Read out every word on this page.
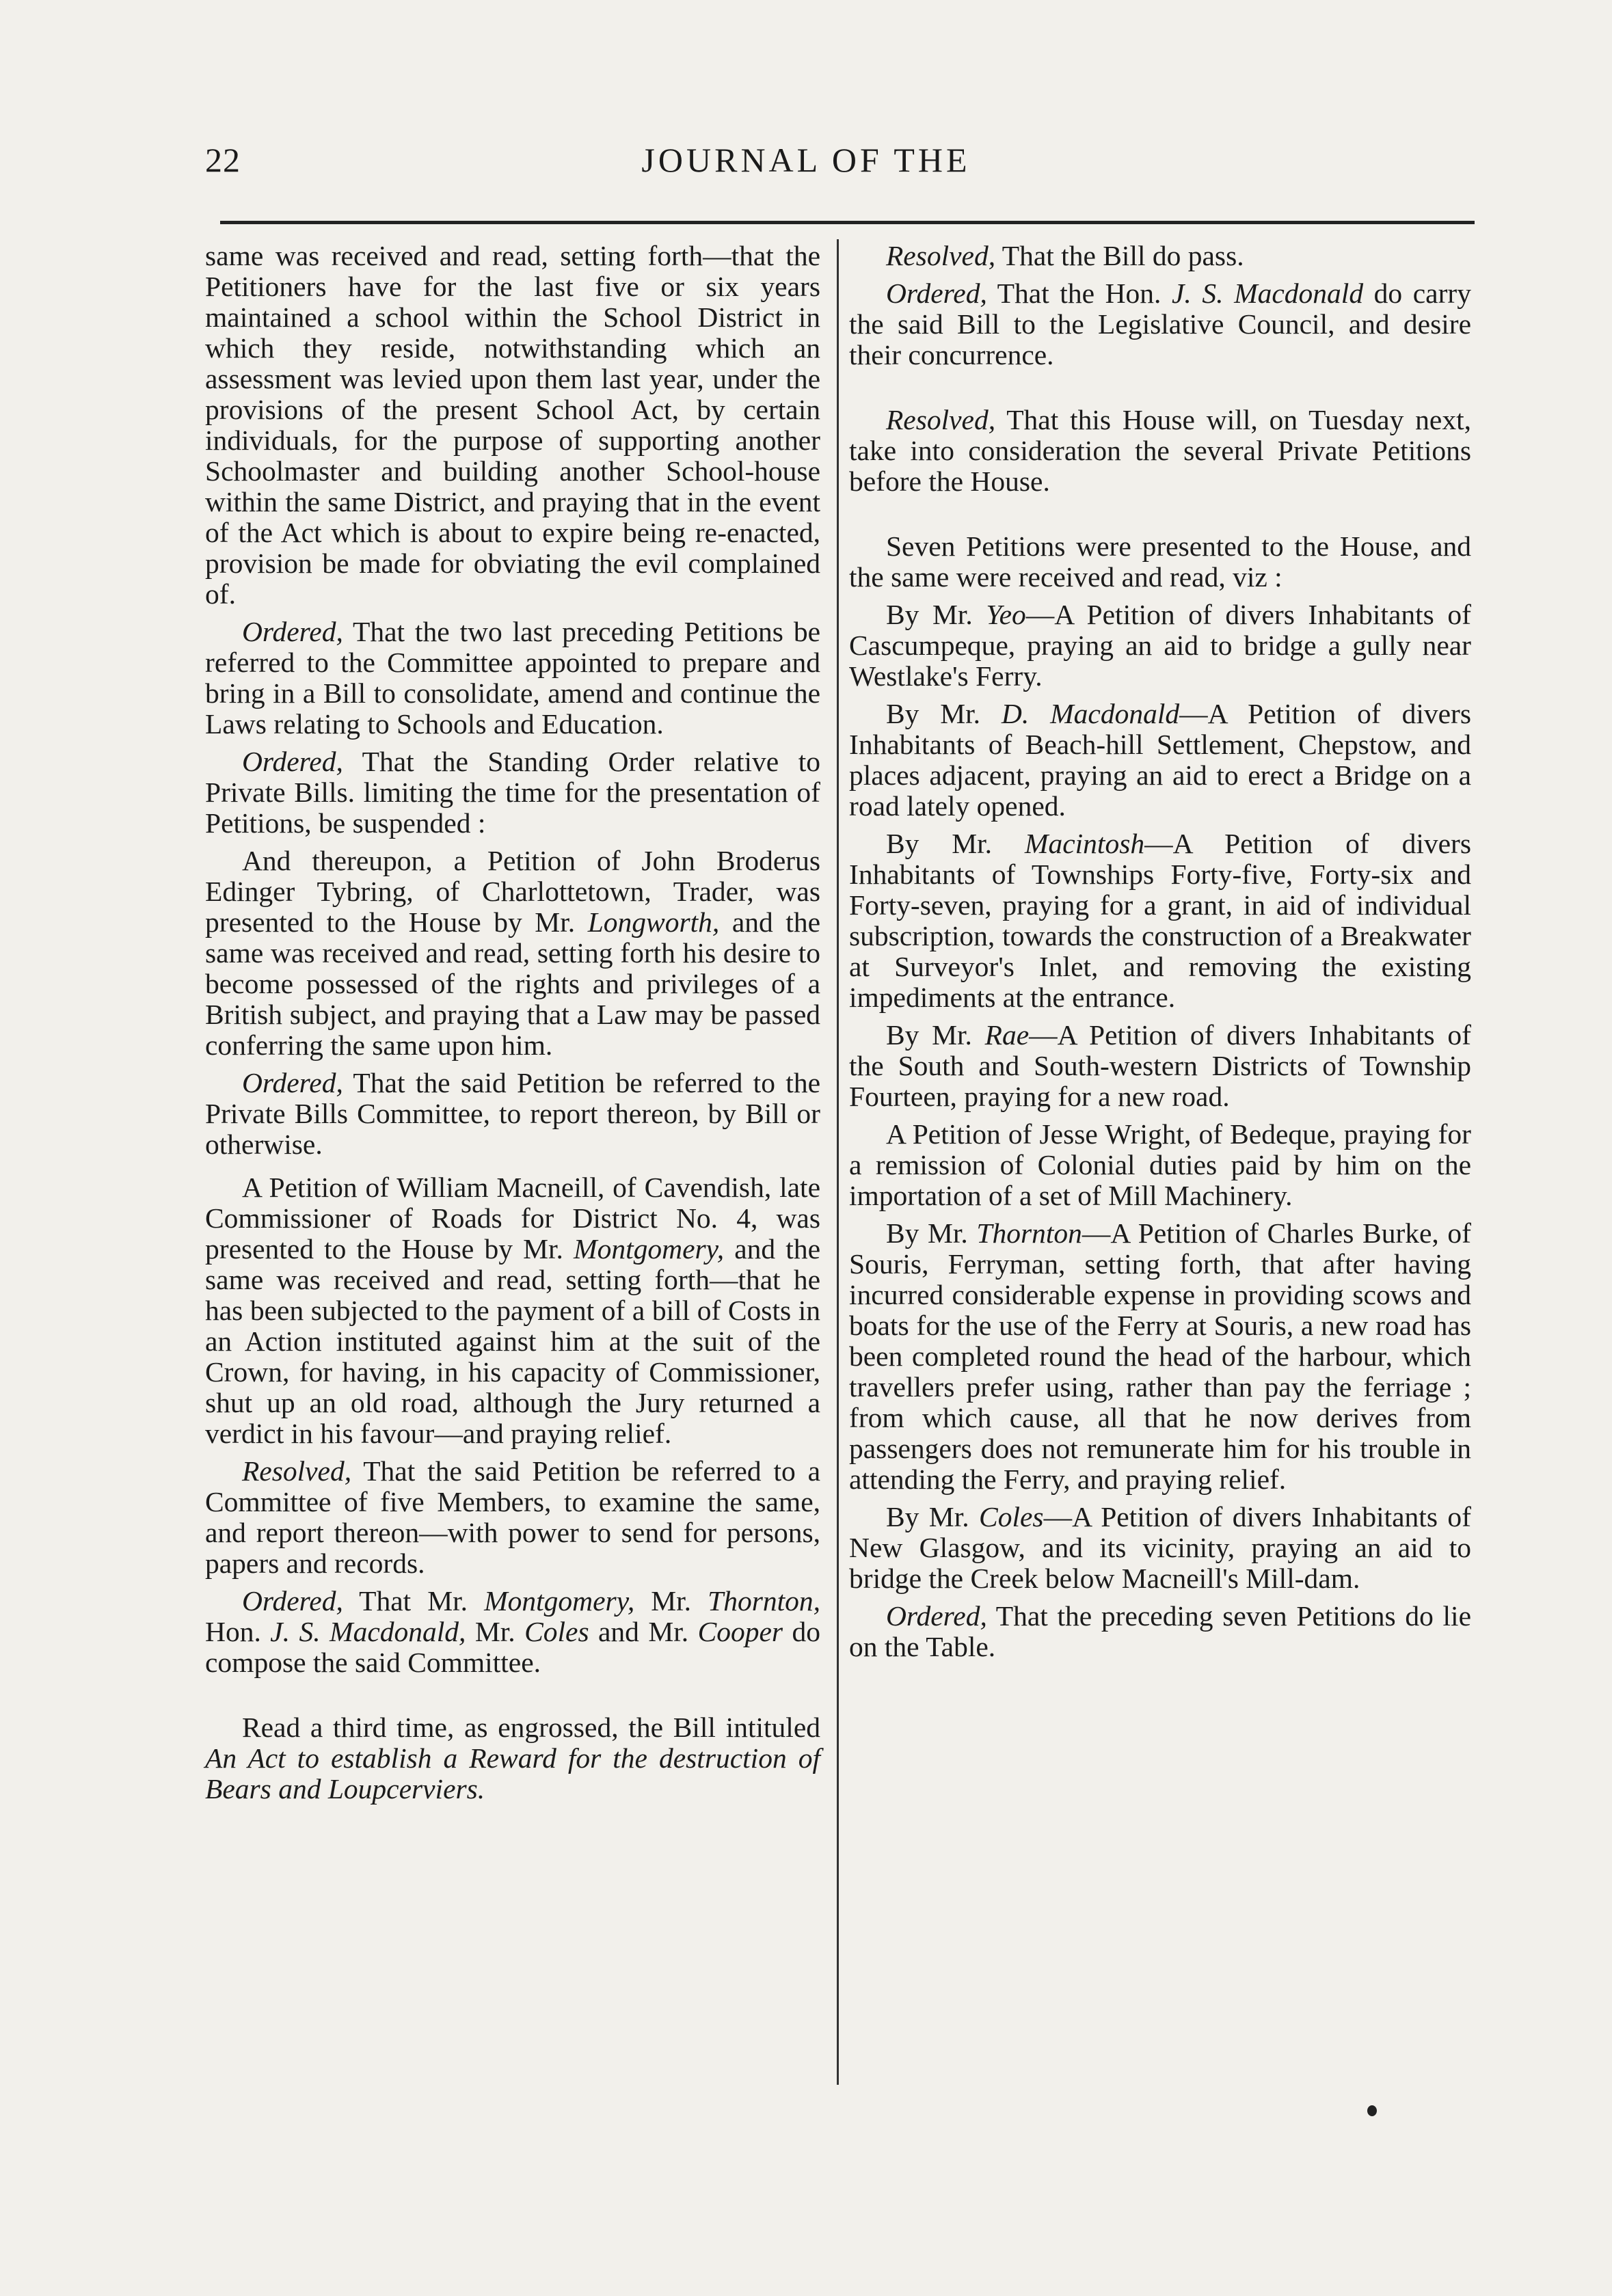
JOURNAL OF THE
22

same was received and read, setting forth—that the Petitioners have for the last five or six years maintained a school within the School District in which they reside, notwithstanding which an assessment was levied upon them last year, under the provisions of the present School Act, by certain individuals, for the purpose of supporting another Schoolmaster and building another School-house within the same District, and praying that in the event of the Act which is about to expire being re-enacted, provision be made for obviating the evil complained of.

Ordered, That the two last preceding Petitions be referred to the Committee appointed to prepare and bring in a Bill to consolidate, amend and continue the Laws relating to Schools and Education.

Ordered, That the Standing Order relative to Private Bills. limiting the time for the presentation of Petitions, be suspended :

And thereupon, a Petition of John Broderus Edinger Tybring, of Charlottetown, Trader, was presented to the House by Mr. Longworth, and the same was received and read, setting forth his desire to become possessed of the rights and privileges of a British subject, and praying that a Law may be passed conferring the same upon him.

Ordered, That the said Petition be referred to the Private Bills Committee, to report thereon, by Bill or otherwise.

A Petition of William Macneill, of Cavendish, late Commissioner of Roads for District No. 4, was presented to the House by Mr. Montgomery, and the same was received and read, setting forth—that he has been subjected to the payment of a bill of Costs in an Action instituted against him at the suit of the Crown, for having, in his capacity of Commissioner, shut up an old road, although the Jury returned a verdict in his favour—and praying relief.

Resolved, That the said Petition be referred to a Committee of five Members, to examine the same, and report thereon—with power to send for persons, papers and records.

Ordered, That Mr. Montgomery, Mr. Thornton, Hon. J. S. Macdonald, Mr. Coles and Mr. Cooper do compose the said Committee.

Read a third time, as engrossed, the Bill intituled An Act to establish a Reward for the destruction of Bears and Loupcerviers.

Resolved, That the Bill do pass.

Ordered, That the Hon. J. S. Macdonald do carry the said Bill to the Legislative Council, and desire their concurrence.

Resolved, That this House will, on Tuesday next, take into consideration the several Private Petitions before the House.

Seven Petitions were presented to the House, and the same were received and read, viz :

By Mr. Yeo—A Petition of divers Inhabitants of Cascumpeque, praying an aid to bridge a gully near Westlake's Ferry.

By Mr. D. Macdonald—A Petition of divers Inhabitants of Beach-hill Settlement, Chepstow, and places adjacent, praying an aid to erect a Bridge on a road lately opened.

By Mr. Macintosh—A Petition of divers Inhabitants of Townships Forty-five, Forty-six and Forty-seven, praying for a grant, in aid of individual subscription, towards the construction of a Breakwater at Surveyor's Inlet, and removing the existing impediments at the entrance.

By Mr. Rae—A Petition of divers Inhabitants of the South and South-western Districts of Township Fourteen, praying for a new road.

A Petition of Jesse Wright, of Bedeque, praying for a remission of Colonial duties paid by him on the importation of a set of Mill Machinery.

By Mr. Thornton—A Petition of Charles Burke, of Souris, Ferryman, setting forth, that after having incurred considerable expense in providing scows and boats for the use of the Ferry at Souris, a new road has been completed round the head of the harbour, which travellers prefer using, rather than pay the ferriage ; from which cause, all that he now derives from passengers does not remunerate him for his trouble in attending the Ferry, and praying relief.

By Mr. Coles—A Petition of divers Inhabitants of New Glasgow, and its vicinity, praying an aid to bridge the Creek below Macneill's Mill-dam.

Ordered, That the preceding seven Petitions do lie on the Table.
